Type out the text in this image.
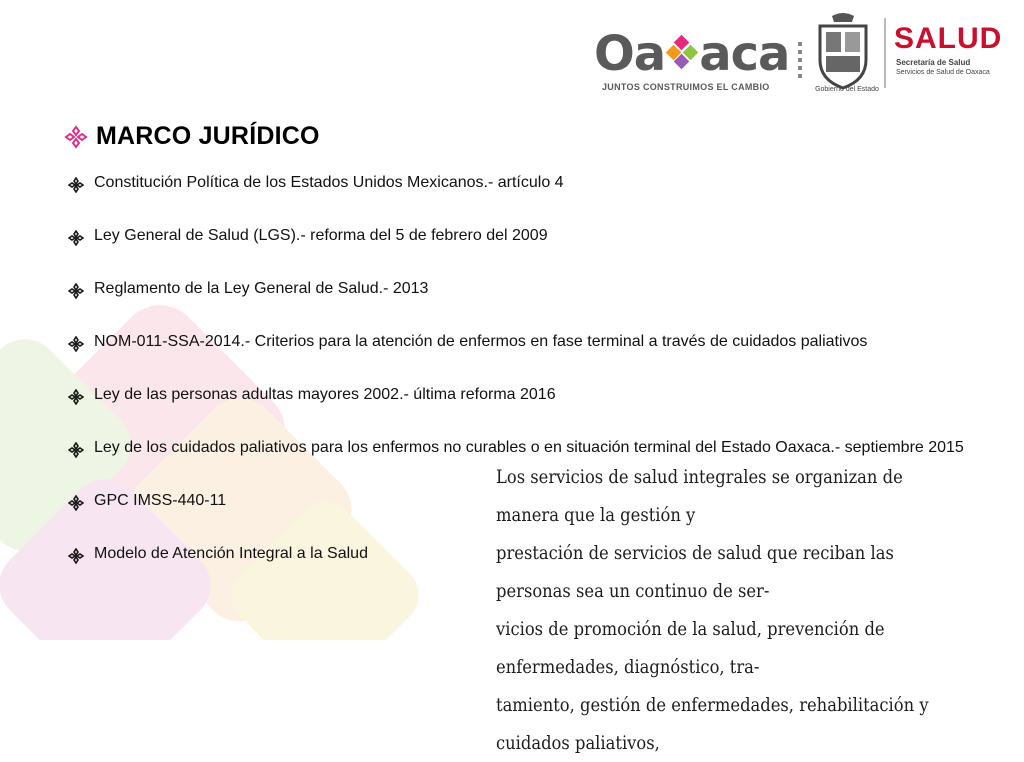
Oa aca
JUNTOS CONSTRUIMOS EL CAMBIO	Gobierno del Estado
SALUD
Secretaría de Salud
Servicios de Salud de Oaxaca
MARCO JURÍDICO
Constitución Política de los Estados Unidos Mexicanos.- artículo 4
Ley General de Salud (LGS).- reforma del 5 de febrero del 2009
Reglamento de la Ley General de Salud.- 2013
NOM-011-SSA-2014.- Criterios para la atención de enfermos en fase terminal a través de cuidados paliativos
Ley de las personas adultas mayores 2002.- última reforma 2016
Ley de los cuidados paliativos para los enfermos no curables o en situación terminal del Estado Oaxaca.- septiembre 2015
GPC IMSS-440-11
Modelo de Atención Integral a la Salud
Los servicios de salud integrales se organizan de manera que la gestión y
prestación de servicios de salud que reciban las personas sea un continuo de ser-
vicios de promoción de la salud, prevención de enfermedades, diagnóstico, tra-
tamiento, gestión de enfermedades, rehabilitación y cuidados paliativos,
